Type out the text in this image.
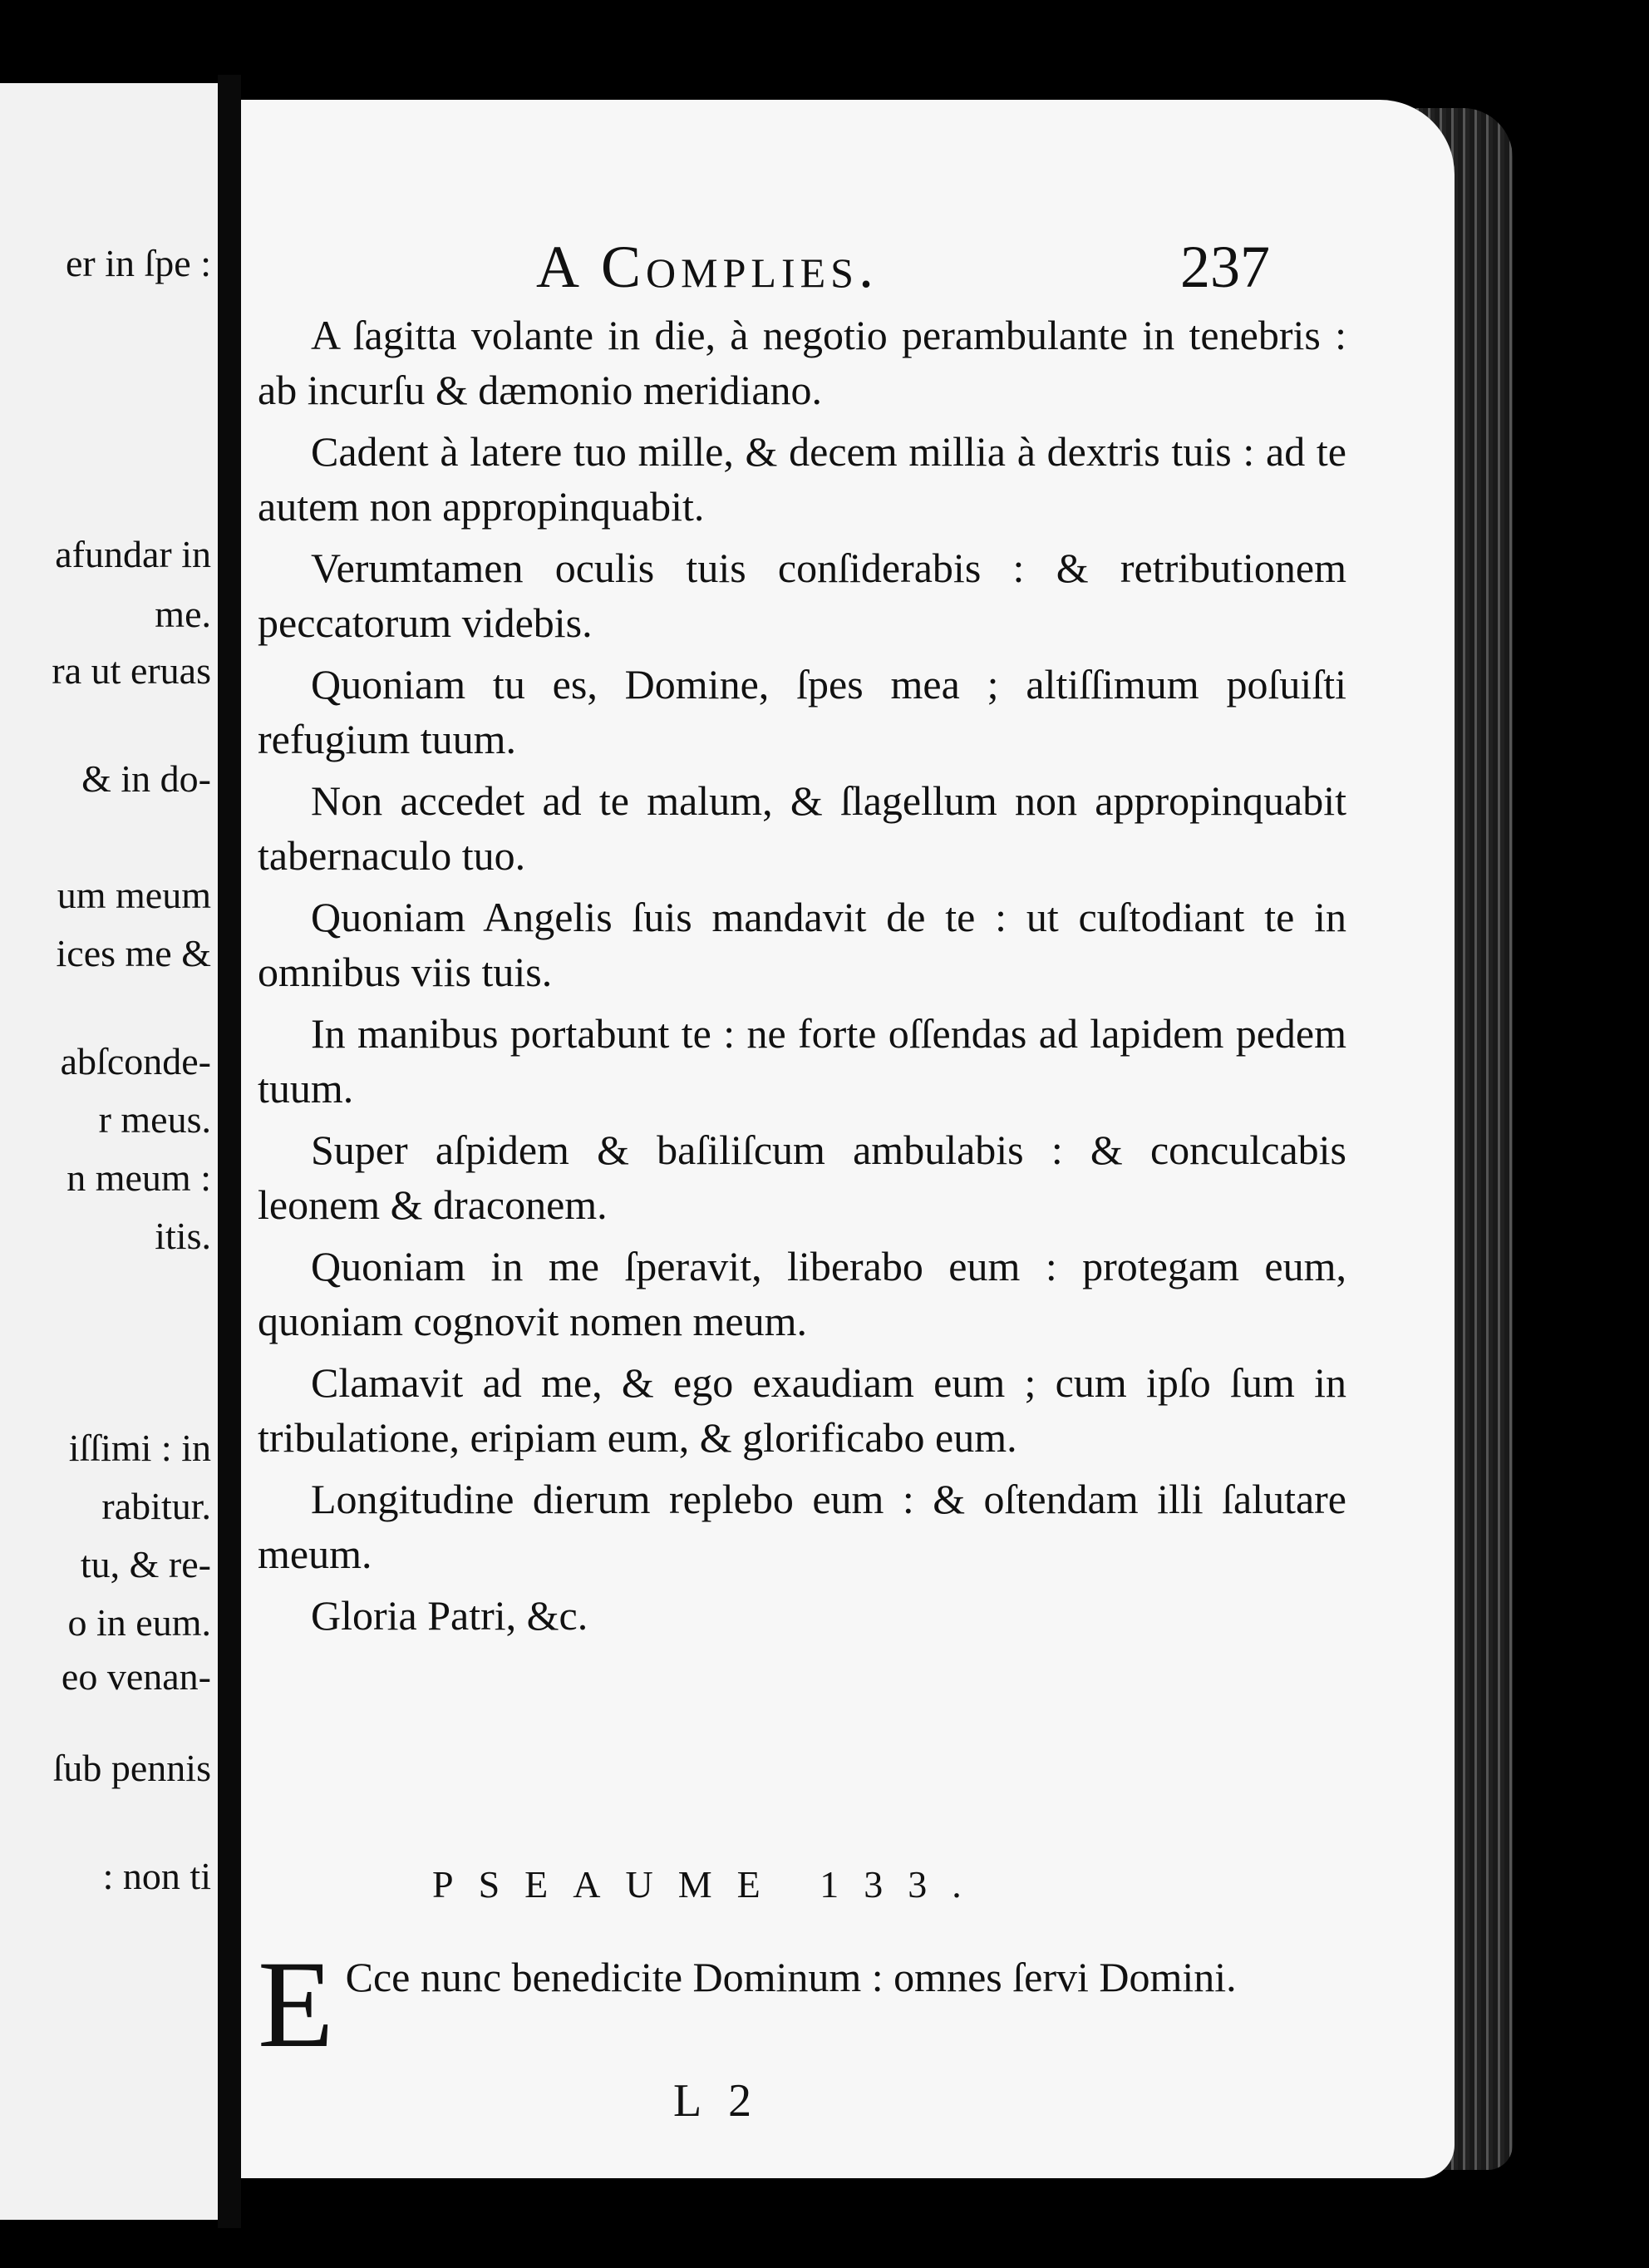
er in ſpe :
afundar in
me.
ra ut eruas
& in do-
um meum
ices me &
abſconde-
r meus.
n meum :
itis.
iſſimi : in
rabitur.
tu, & re-
o in eum.
eo venan-
ſub pennis
: non ti
A Complies.	237

A ſagitta volante in die, à negotio perambulante in tenebris : ab incurſu & dæmonio meridiano.

Cadent à latere tuo mille, & decem millia à dextris tuis : ad te autem non appropinquabit.

Verumtamen oculis tuis conſiderabis : & retributionem peccatorum videbis.

Quoniam tu es, Domine, ſpes mea ; altiſſimum poſuiſti refugium tuum.

Non accedet ad te malum, & ſlagellum non appropinquabit tabernaculo tuo.

Quoniam Angelis ſuis mandavit de te : ut cuſtodiant te in omnibus viis tuis.

In manibus portabunt te : ne forte oſſendas ad lapidem pedem tuum.

Super aſpidem & baſiliſcum ambulabis : & conculcabis leonem & draconem.

Quoniam in me ſperavit, liberabo eum : protegam eum, quoniam cognovit nomen meum.

Clamavit ad me, & ego exaudiam eum ; cum ipſo ſum in tribulatione, eripiam eum, & glorificabo eum.

Longitudine dierum replebo eum : & oſtendam illi ſalutare meum.

Gloria Patri, &c.

PSEAUME 133.
E Cce nunc benedicite Dominum : omnes ſervi Domini.
L 2
